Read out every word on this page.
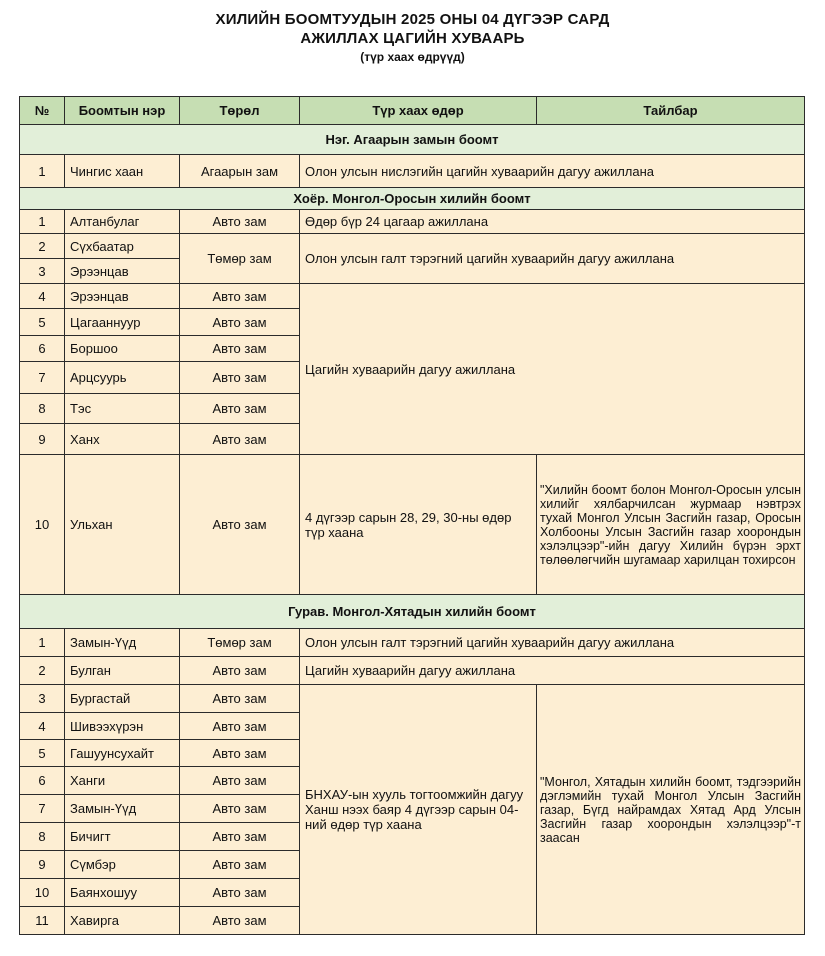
ХИЛИЙН БООМТУУДЫН 2025 ОНЫ 04 ДҮГЭЭР САРД
АЖИЛЛАХ ЦАГИЙН ХУВААРЬ
(түр хаах өдрүүд)
№	Боомтын нэр	Төрөл	Түр хаах өдөр	Тайлбар
Нэг. Агаарын замын боомт				
1	Чингис хаан	Агаарын зам	Олон улсын нислэгийн цагийн хуваарийн дагуу ажиллана	
Хоёр. Монгол-Оросын хилийн боомт				
1	Алтанбулаг	Авто зам	Өдөр бүр 24 цагаар ажиллана	
2	Сүхбаатар	Төмөр зам	Олон улсын галт тэрэгний цагийн хуваарийн дагуу ажиллана	
3	Эрээнцав			
4	Эрээнцав	Авто зам	Цагийн хуваарийн дагуу ажиллана	
5	Цагааннуур	Авто зам		
6	Боршоо	Авто зам		
7	Арцсуурь	Авто зам		
8	Тэс	Авто зам		
9	Ханх	Авто зам		
10	Ульхан	Авто зам	4 дүгээр сарын 28, 29, 30-ны өдөр түр хаана	"Хилийн боомт болон Монгол-Оросын улсын хилийг хялбарчилсан журмаар нэвтрэх тухай Монгол Улсын Засгийн газар, Оросын Холбооны Улсын Засгийн газар хоорондын хэлэлцээр"-ийн дагуу Хилийн бүрэн эрхт төлөөлөгчийн шугамаар харилцан тохирсон
Гурав. Монгол-Хятадын хилийн боомт				
1	Замын-Үүд	Төмөр зам	Олон улсын галт тэрэгний цагийн хуваарийн дагуу ажиллана	
2	Булган	Авто зам	Цагийн хуваарийн дагуу ажиллана	
3	Бургастай	Авто зам	БНХАУ-ын хууль тогтоомжийн дагуу Ханш нээх баяр 4 дүгээр сарын 04-ний өдөр түр хаана	"Монгол, Хятадын хилийн боомт, тэдгээрийн дэглэмийн тухай Монгол Улсын Засгийн газар, Бүгд найрамдах Хятад Ард Улсын Засгийн газар хоорондын хэлэлцээр"-т заасан
4	Шивээхүрэн	Авто зам		
5	Гашуунсухайт	Авто зам		
6	Ханги	Авто зам		
7	Замын-Үүд	Авто зам		
8	Бичигт	Авто зам		
9	Сүмбэр	Авто зам		
10	Баянхошуу	Авто зам		
11	Хавирга	Авто зам		
